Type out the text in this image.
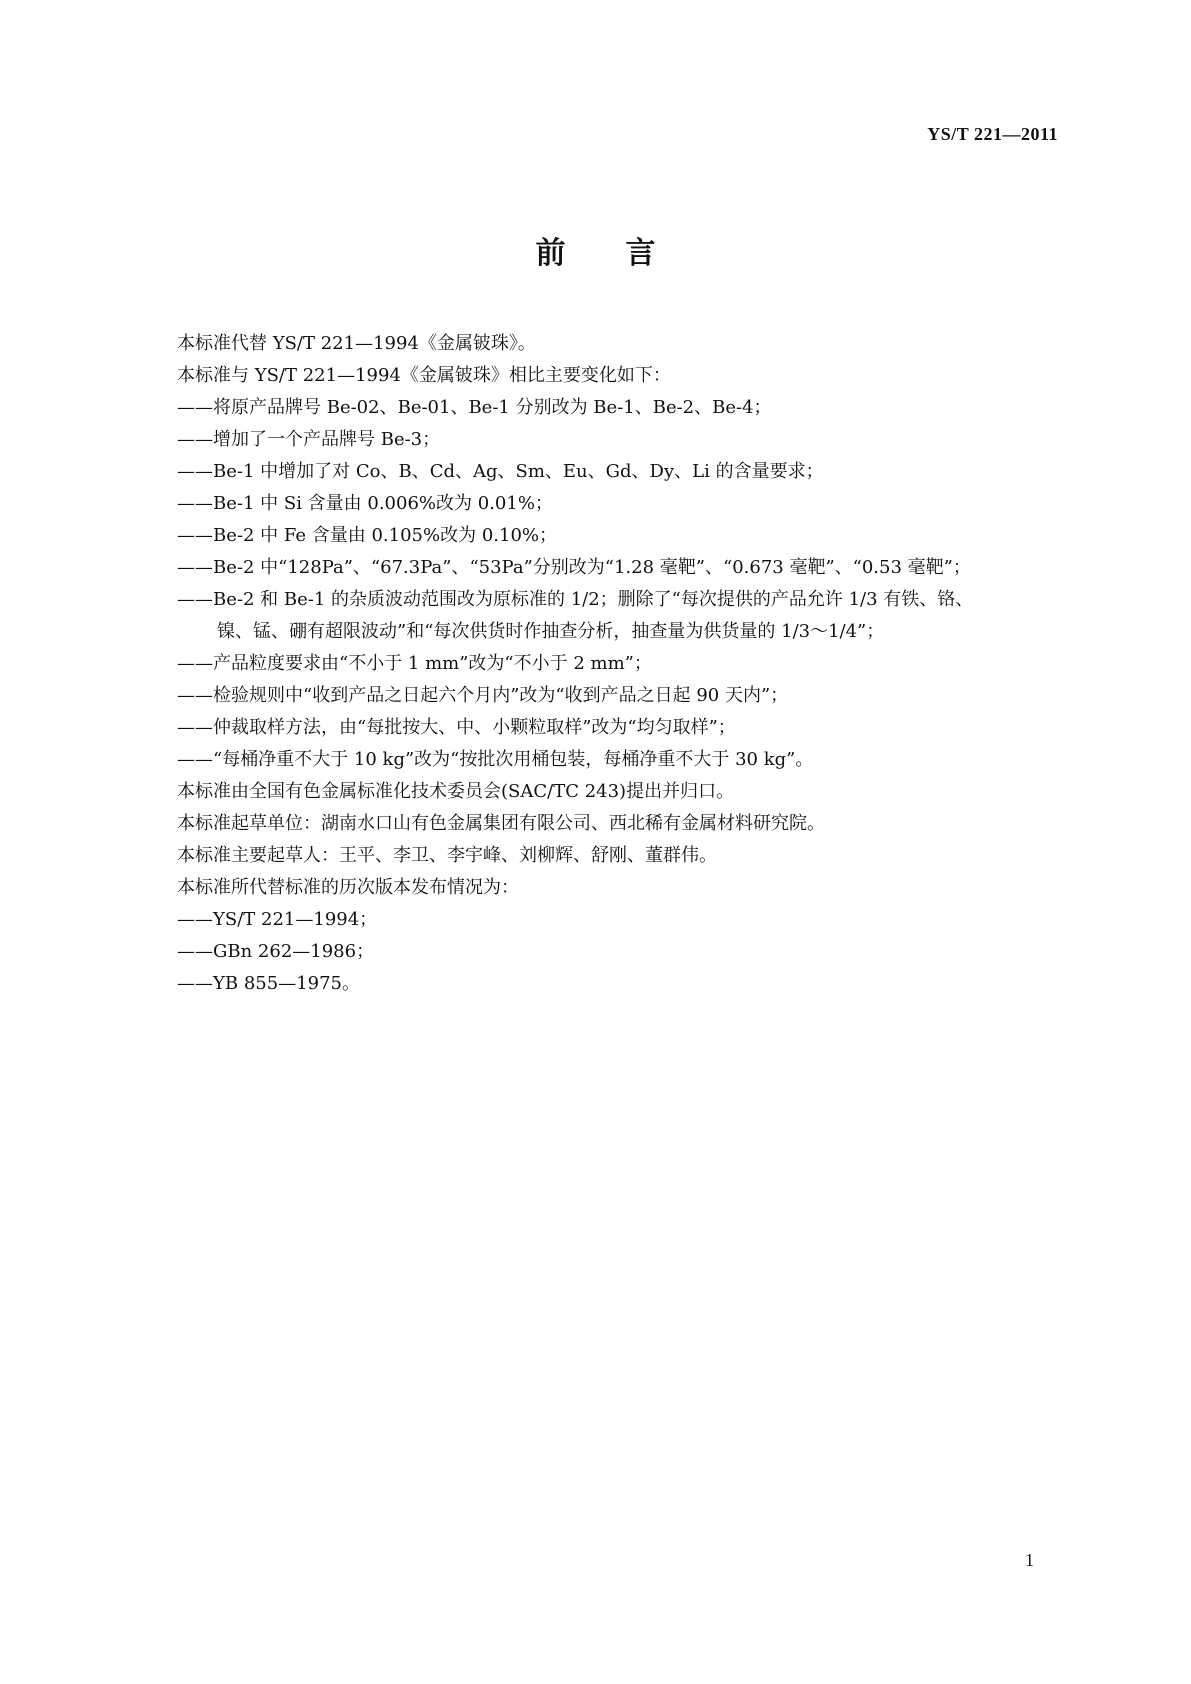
YS/T 221—2011
前 言

本标准代替 YS/T 221—1994《金属铍珠》。

本标准与 YS/T 221—1994《金属铍珠》相比主要变化如下：

——将原产品牌号 Be-02、Be-01、Be-1 分别改为 Be-1、Be-2、Be-4；

——增加了一个产品牌号 Be-3；

——Be-1 中增加了对 Co、B、Cd、Ag、Sm、Eu、Gd、Dy、Li 的含量要求；

——Be-1 中 Si 含量由 0.006%改为 0.01%；

——Be-2 中 Fe 含量由 0.105%改为 0.10%；

——Be-2 中“128Pa”、“67.3Pa”、“53Pa”分别改为“1.28 毫靶”、“0.673 毫靶”、“0.53 毫靶”；

——Be-2 和 Be-1 的杂质波动范围改为原标准的 1/2；删除了“每次提供的产品允许 1/3 有铁、铬、

镍、锰、硼有超限波动”和“每次供货时作抽查分析，抽查量为供货量的 1/3～1/4”；

——产品粒度要求由“不小于 1 mm”改为“不小于 2 mm”；

——检验规则中“收到产品之日起六个月内”改为“收到产品之日起 90 天内”；

——仲裁取样方法，由“每批按大、中、小颗粒取样”改为“均匀取样”；

——“每桶净重不大于 10 kg”改为“按批次用桶包装，每桶净重不大于 30 kg”。

本标准由全国有色金属标准化技术委员会(SAC/TC 243)提出并归口。

本标准起草单位：湖南水口山有色金属集团有限公司、西北稀有金属材料研究院。

本标准主要起草人：王平、李卫、李宇峰、刘柳辉、舒刚、董群伟。

本标准所代替标准的历次版本发布情况为：

——YS/T 221—1994；

——GBn 262—1986；

——YB 855—1975。

1
